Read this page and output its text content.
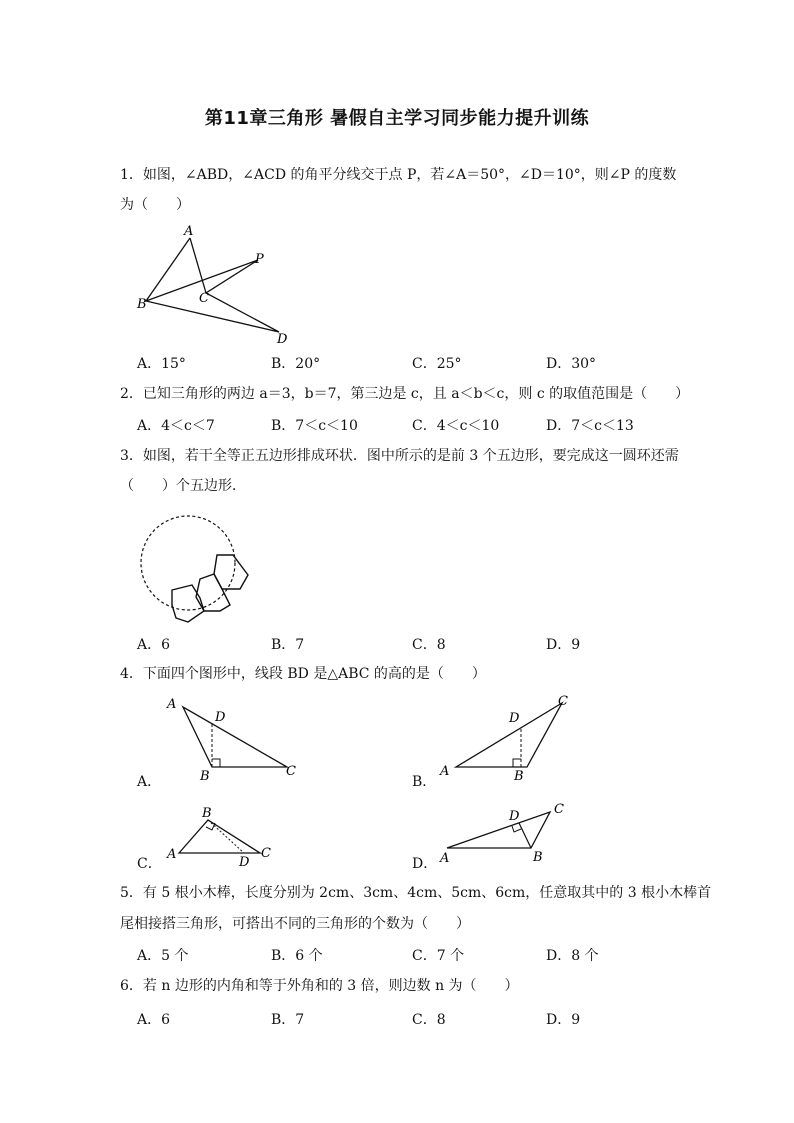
第11章三角形 暑假自主学习同步能力提升训练
1．如图，∠ABD，∠ACD 的角平分线交于点 P，若∠A＝50°，∠D＝10°，则∠P 的度数
为（　　）
A
P
B	C
D
A．15°	B．20°	C．25°	D．30°
2．已知三角形的两边 a＝3，b＝7，第三边是 c，且 a＜b＜c，则 c 的取值范围是（　　）
A．4＜c＜7	B．7＜c＜10	C．4＜c＜10	D．7＜c＜13
3．如图，若干全等正五边形排成环状．图中所示的是前 3 个五边形，要完成这一圆环还需
（　　）个五边形．
A．6	B．7	C．8	D．9
4．下面四个图形中，线段 BD 是△ABC 的高的是（　　）
A．
A
D
B	C
B．
D
C
A	B
C．
B
A
D
C
D．
D	C
A	B
5．有 5 根小木棒，长度分别为 2cm、3cm、4cm、5cm、6cm，任意取其中的 3 根小木棒首
尾相接搭三角形，可搭出不同的三角形的个数为（　　）
A．5 个	B．6 个	C．7 个	D．8 个
6．若 n 边形的内角和等于外角和的 3 倍，则边数 n 为（　　）
A．6	B．7	C．8	D．9
